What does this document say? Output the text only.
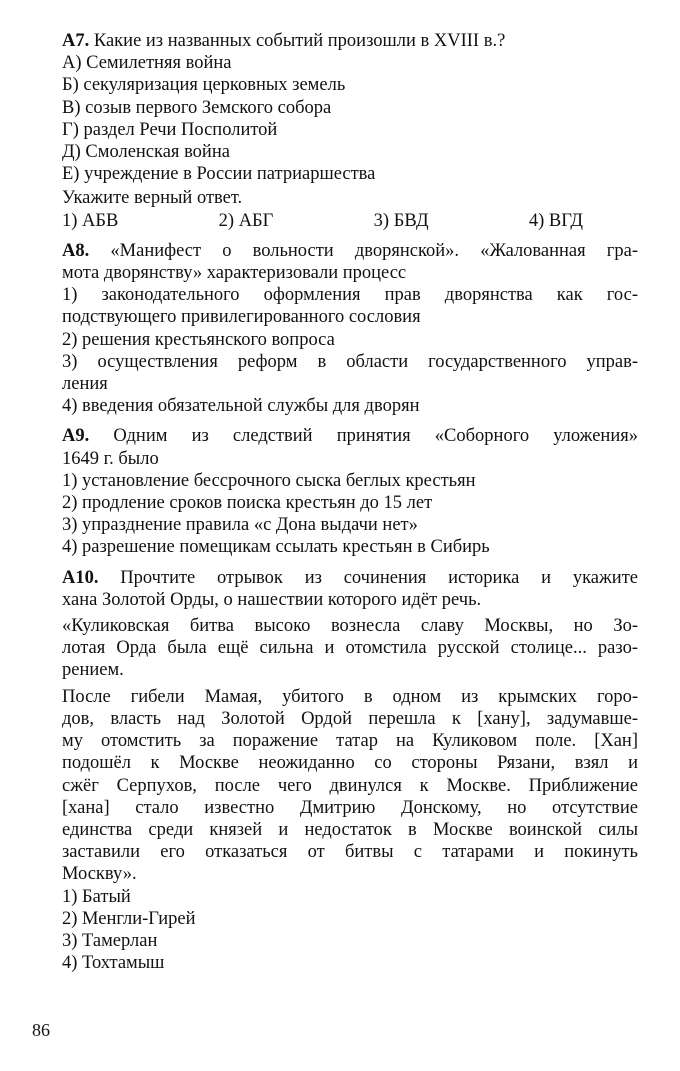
А7. Какие из названных событий произошли в XVIII в.?
А) Семилетняя война
Б) секуляризация церковных земель
В) созыв первого Земского собора
Г) раздел Речи Посполитой
Д) Смоленская война
Е) учреждение в России патриаршества
Укажите верный ответ.
1) АБВ	2) АБГ	3) БВД	4) ВГД
А8. «Манифест о вольности дворянской». «Жалованная гра-
мота дворянству» характеризовали процесс
1) законодательного оформления прав дворянства как гос-
подствующего привилегированного сословия
2) решения крестьянского вопроса
3) осуществления реформ в области государственного управ-
ления
4) введения обязательной службы для дворян
А9. Одним из следствий принятия «Соборного уложения»
1649 г. было
1) установление бессрочного сыска беглых крестьян
2) продление сроков поиска крестьян до 15 лет
3) упразднение правила «с Дона выдачи нет»
4) разрешение помещикам ссылать крестьян в Сибирь
А10. Прочтите отрывок из сочинения историка и укажите
хана Золотой Орды, о нашествии которого идёт речь.
«Куликовская битва высоко вознесла славу Москвы, но Зо-
лотая Орда была ещё сильна и отомстила русской столице... разо-
рением.
После гибели Мамая, убитого в одном из крымских горо-
дов, власть над Золотой Ордой перешла к [хану], задумавше-
му отомстить за поражение татар на Куликовом поле. [Хан]
подошёл к Москве неожиданно со стороны Рязани, взял и
сжёг Серпухов, после чего двинулся к Москве. Приближение
[хана] стало известно Дмитрию Донскому, но отсутствие
единства среди князей и недостаток в Москве воинской силы
заставили его отказаться от битвы с татарами и покинуть
Москву».
1) Батый
2) Менгли-Гирей
3) Тамерлан
4) Тохтамыш
86
